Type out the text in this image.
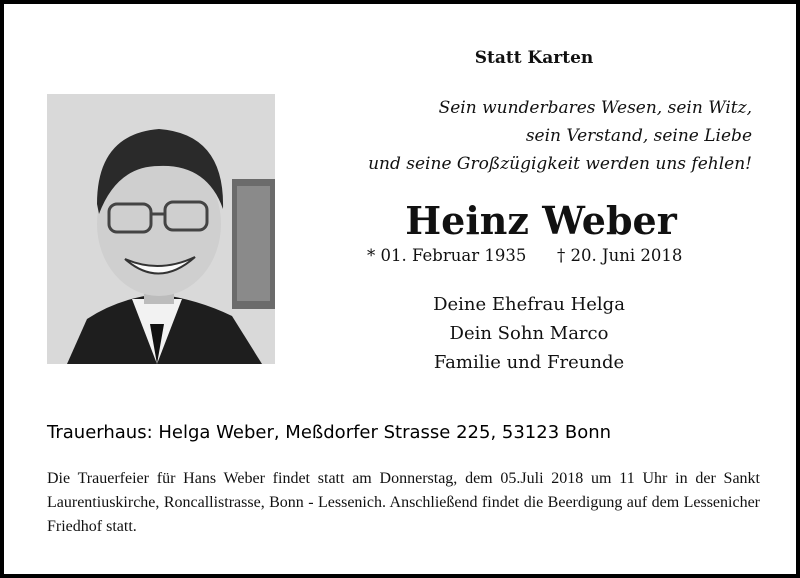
Statt Karten
Sein wunderbares Wesen, sein Witz,
sein Verstand, seine Liebe
und seine Großzügigkeit werden uns fehlen!
Heinz Weber
* 01. Februar 1935 † 20. Juni 2018
Deine Ehefrau Helga
Dein Sohn Marco
Familie und Freunde
Trauerhaus: Helga Weber, Meßdorfer Strasse 225, 53123 Bonn
Die Trauerfeier für Hans Weber findet statt am Donnerstag, dem 05.Juli 2018 um 11 Uhr in der Sankt Laurentiuskirche, Roncallistrasse, Bonn - Lessenich. Anschließend findet die Beerdigung auf dem Lessenicher Friedhof statt.
